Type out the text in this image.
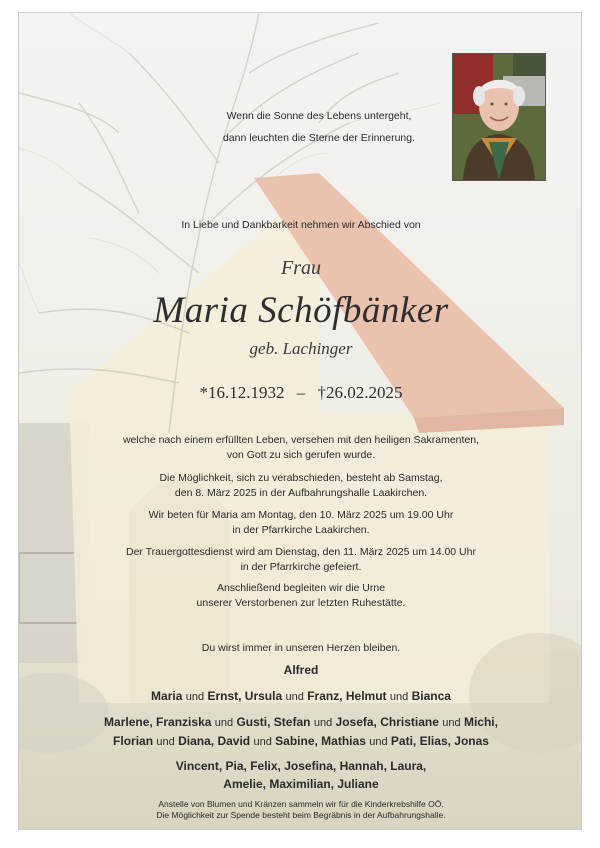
Wenn die Sonne des Lebens untergeht,
dann leuchten die Sterne der Erinnerung.
In Liebe und Dankbarkeit nehmen wir Abschied von
Frau
Maria Schöfbänker
geb. Lachinger
*16.12.1932 – †26.02.2025
welche nach einem erfüllten Leben, versehen mit den heiligen Sakramenten,
von Gott zu sich gerufen wurde.
Die Möglichkeit, sich zu verabschieden, besteht ab Samstag,
den 8. März 2025 in der Aufbahrungshalle Laakirchen.
Wir beten für Maria am Montag, den 10. März 2025 um 19.00 Uhr
in der Pfarrkirche Laakirchen.
Der Trauergottesdienst wird am Dienstag, den 11. März 2025 um 14.00 Uhr
in der Pfarrkirche gefeiert.
Anschließend begleiten wir die Urne
unserer Verstorbenen zur letzten Ruhestätte.
Du wirst immer in unseren Herzen bleiben.
Alfred
Maria und Ernst, Ursula und Franz, Helmut und Bianca
Marlene, Franziska und Gusti, Stefan und Josefa, Christiane und Michi,
Florian und Diana, David und Sabine, Mathias und Pati, Elias, Jonas
Vincent, Pia, Felix, Josefina, Hannah, Laura,
Amelie, Maximilian, Juliane
Anstelle von Blumen und Kränzen sammeln wir für die Kinderkrebshilfe OÖ.
Die Möglichkeit zur Spende besteht beim Begräbnis in der Aufbahrungshalle.
